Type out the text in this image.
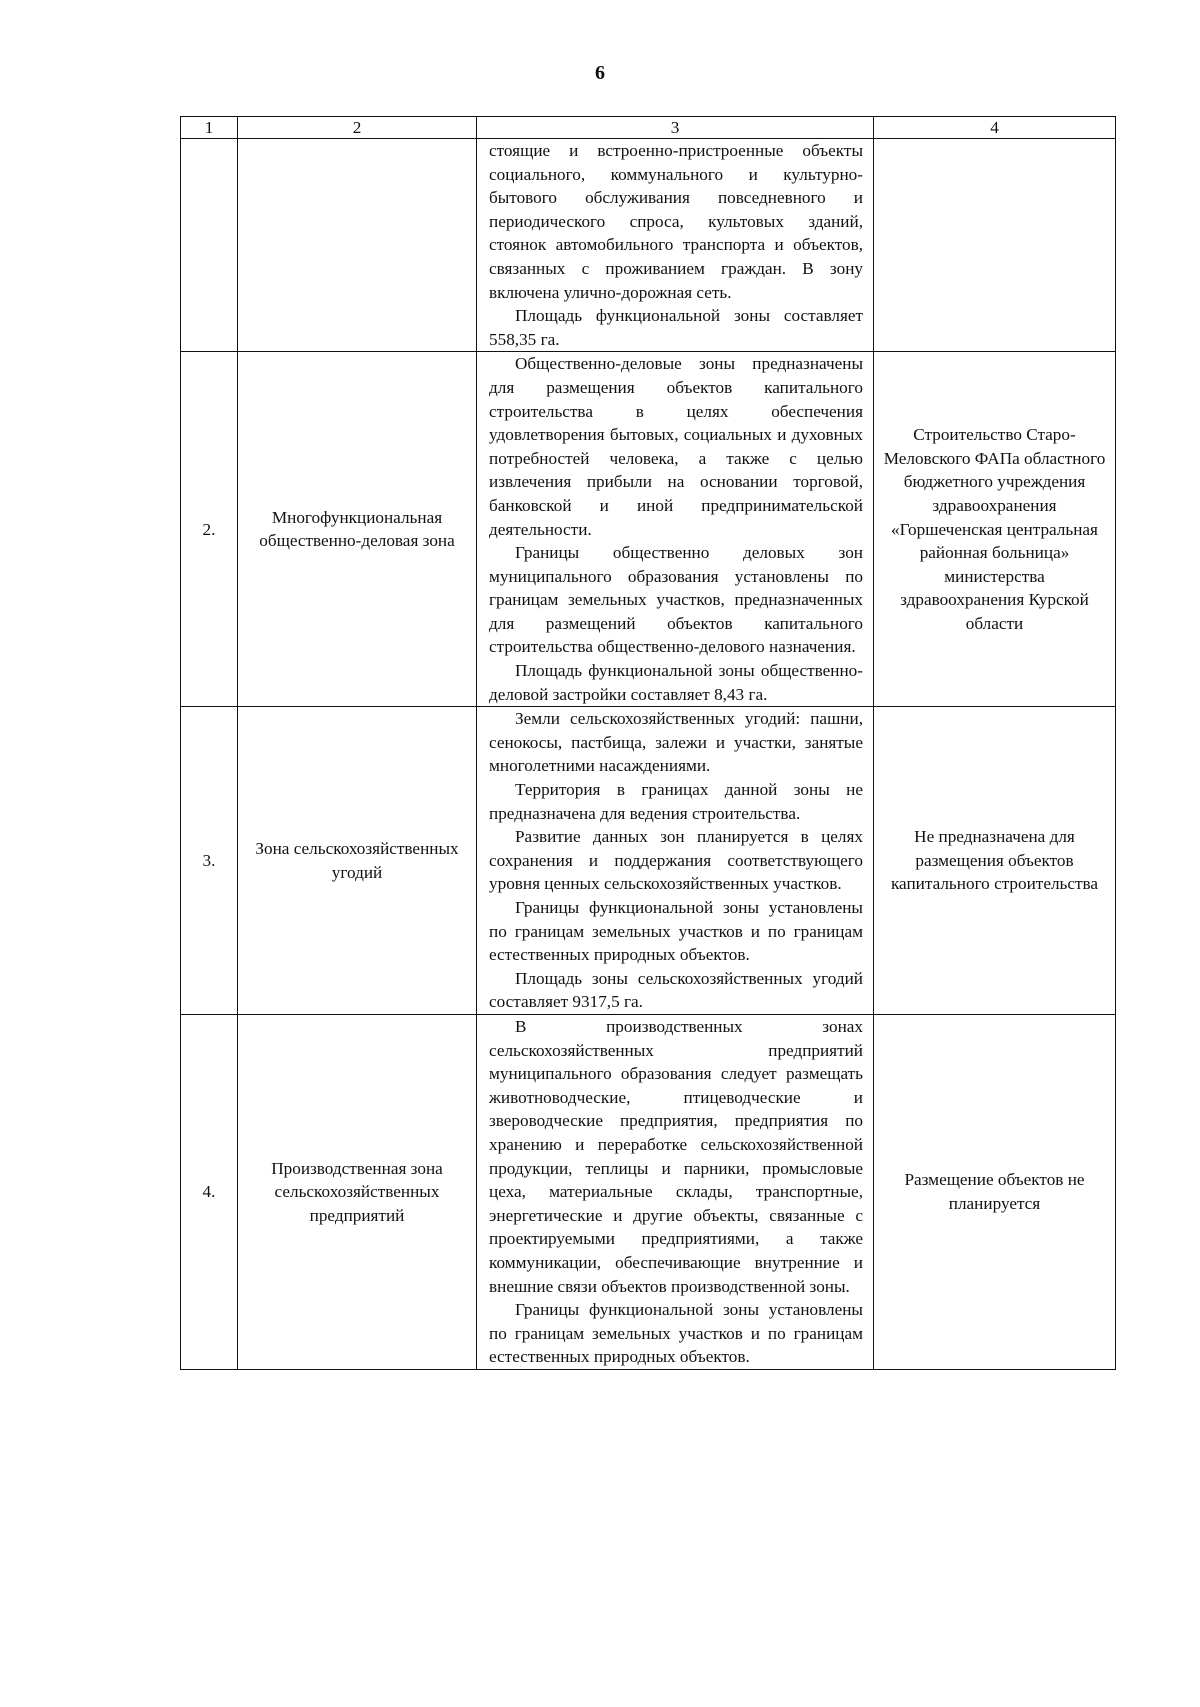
6
1	2	3	4

		стоящие и встроенно-пристроенные объекты социального, коммунального и культурно-бытового обслуживания повседневного и периодического спроса, культовых зданий, стоянок автомобильного транспорта и объектов, связанных с проживанием граждан. В зону включена улично-дорожная сеть.

Площадь функциональной зоны составляет 558,35 га.	

2.	Многофункциональная общественно-деловая зона	Общественно-деловые зоны предназначены для размещения объектов капитального строительства в целях обеспечения удовлетворения бытовых, социальных и духовных потребностей человека, а также с целью извлечения прибыли на основании торговой, банковской и иной предпринимательской деятельности.

Границы общественно деловых зон муниципального образования установлены по границам земельных участков, предназначенных для размещений объектов капитального строительства общественно-делового назначения.

Площадь функциональной зоны общественно-деловой застройки составляет 8,43 га.	Строительство Старо-Меловского ФАПа областного бюджетного учреждения здравоохранения «Горшеченская центральная районная больница» министерства здравоохранения Курской области
3.	Зона сельскохозяйственных угодий	Земли сельскохозяйственных угодий: пашни, сенокосы, пастбища, залежи и участки, занятые многолетними насаждениями.

Территория в границах данной зоны не предназначена для ведения строительства.

Развитие данных зон планируется в целях сохранения и поддержания соответствующего уровня ценных сельскохозяйственных участков.

Границы функциональной зоны установлены по границам земельных участков и по границам естественных природных объектов.

Площадь зоны сельскохозяйственных угодий составляет 9317,5 га.	Не предназначена для размещения объектов капитального строительства
4.	Производственная зона сельскохозяйственных предприятий	В производственных зонах сельскохозяйственных предприятий муниципального образования следует размещать животноводческие, птицеводческие и звероводческие предприятия, предприятия по хранению и переработке сельскохозяйственной продукции, теплицы и парники, промысловые цеха, материальные склады, транспортные, энергетические и другие объекты, связанные с проектируемыми предприятиями, а также коммуникации, обеспечивающие внутренние и внешние связи объектов производственной зоны.

Границы функциональной зоны установлены по границам земельных участков и по границам естественных природных объектов.	Размещение объектов не планируется
